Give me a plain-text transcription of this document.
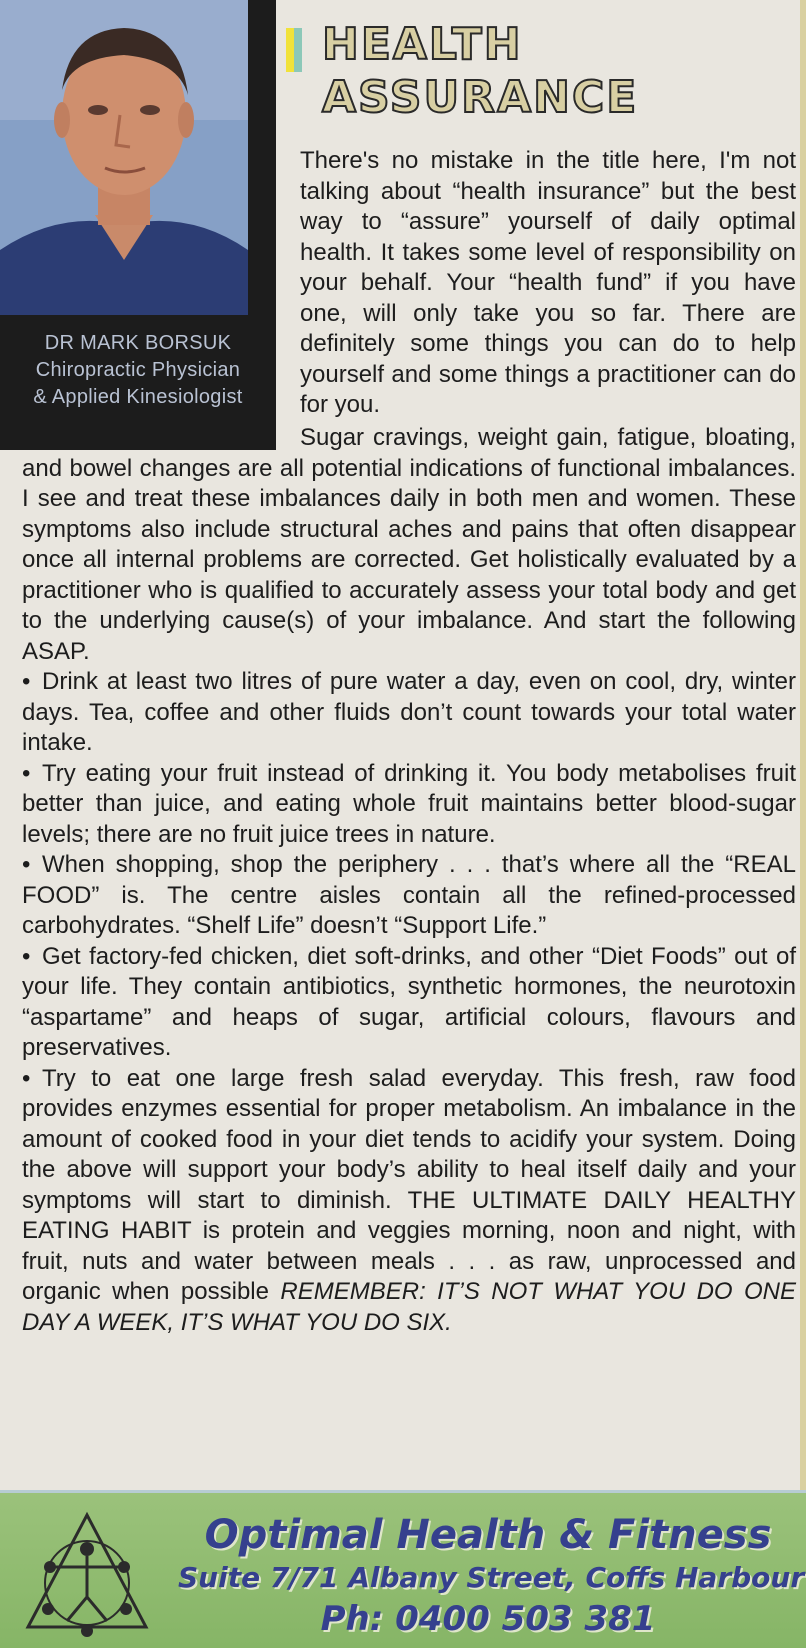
DR MARK BORSUK
Chiropractic Physician
& Applied Kinesiologist
HEALTH
ASSURANCE

There's no mistake in the title here, I'm not talking about “health insurance” but the best way to “assure” yourself of daily optimal health. It takes some level of responsibility on your behalf. Your “health fund” if you have one, will only take you so far. There are definitely some things you can do to help yourself and some things a practitioner can do for you.

Sugar cravings, weight gain, fatigue, bloating, and bowel changes are all potential indications of functional imbalances. I see and treat these imbalances daily in both men and women. These symptoms also include structural aches and pains that often disappear once all internal problems are corrected. Get holistically evaluated by a practitioner who is qualified to accurately assess your total body and get to the underlying cause(s) of your imbalance. And start the following ASAP.
• Drink at least two litres of pure water a day, even on cool, dry, winter days. Tea, coffee and other fluids don’t count towards your total water intake.
• Try eating your fruit instead of drinking it. You body metabolises fruit better than juice, and eating whole fruit maintains better blood-sugar levels; there are no fruit juice trees in nature.
• When shopping, shop the periphery . . . that’s where all the “REAL FOOD” is. The centre aisles contain all the refined-processed carbohydrates. “Shelf Life” doesn’t “Support Life.”
• Get factory-fed chicken, diet soft-drinks, and other “Diet Foods” out of your life. They contain antibiotics, synthetic hormones, the neurotoxin “aspartame” and heaps of sugar, artificial colours, flavours and preservatives.
• Try to eat one large fresh salad everyday. This fresh, raw food provides enzymes essential for proper metabolism. An imbalance in the amount of cooked food in your diet tends to acidify your system. Doing the above will support your body’s ability to heal itself daily and your symptoms will start to diminish. THE ULTIMATE DAILY HEALTHY EATING HABIT is protein and veggies morning, noon and night, with fruit, nuts and water between meals . . . as raw, unprocessed and organic when possible REMEMBER: IT’S NOT WHAT YOU DO ONE DAY A WEEK, IT’S WHAT YOU DO SIX.

Optimal Health & Fitness

Suite 7/71 Albany Street, Coffs Harbour

Ph: 0400 503 381
